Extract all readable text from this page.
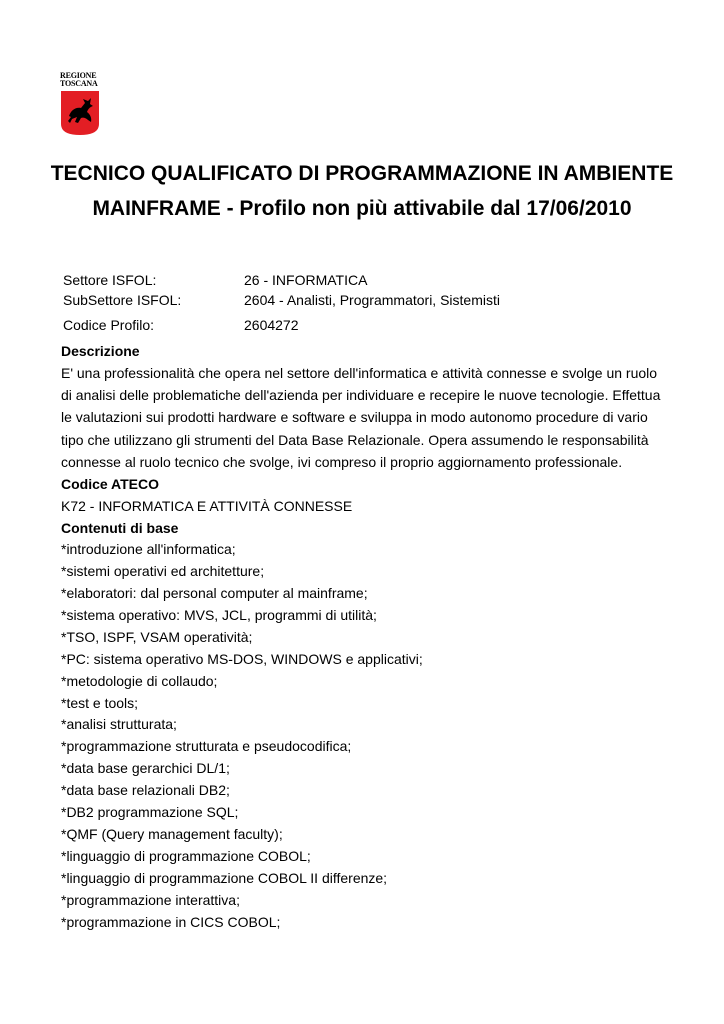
REGIONE
TOSCANA
TECNICO QUALIFICATO DI PROGRAMMAZIONE IN AMBIENTE MAINFRAME - Profilo non più attivabile dal 17/06/2010
Settore ISFOL:	26 - INFORMATICA
SubSettore ISFOL:	2604 - Analisti, Programmatori, Sistemisti
Codice Profilo:	2604272
Descrizione

E' una professionalità che opera nel settore dell'informatica e attività connesse e svolge un ruolo di analisi delle problematiche dell'azienda per individuare e recepire le nuove tecnologie. Effettua le valutazioni sui prodotti hardware e software e sviluppa in modo autonomo procedure di vario tipo che utilizzano gli strumenti del Data Base Relazionale. Opera assumendo le responsabilità connesse al ruolo tecnico che svolge, ivi compreso il proprio aggiornamento professionale.

Codice ATECO

K72 - INFORMATICA E ATTIVITÀ CONNESSE

Contenuti di base
*introduzione all'informatica;
*sistemi operativi ed architetture;
*elaboratori: dal personal computer al mainframe;
*sistema operativo: MVS, JCL, programmi di utilità;
*TSO, ISPF, VSAM operatività;
*PC: sistema operativo MS-DOS, WINDOWS e applicativi;
*metodologie di collaudo;
*test e tools;
*analisi strutturata;
*programmazione strutturata e pseudocodifica;
*data base gerarchici DL/1;
*data base relazionali DB2;
*DB2 programmazione SQL;
*QMF (Query management faculty);
*linguaggio di programmazione COBOL;
*linguaggio di programmazione COBOL II differenze;
*programmazione interattiva;
*programmazione in CICS COBOL;
